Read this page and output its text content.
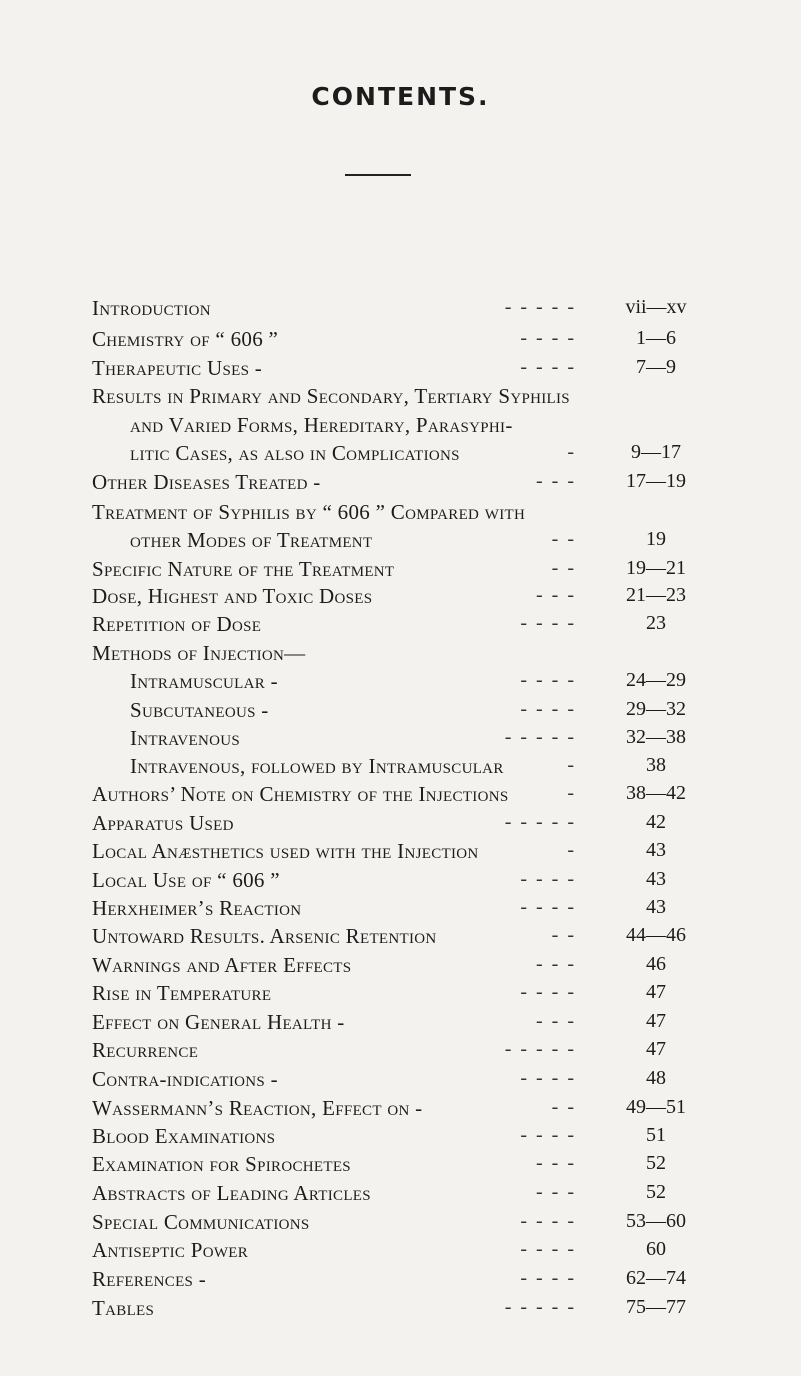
CONTENTS.
Introduction	- - - - -	vii—xv
Chemistry of “ 606 ”	- - - -	1—6
Therapeutic Uses -	- - - -	7—9
Results in Primary and Secondary, Tertiary Syphilis
and Varied Forms, Hereditary, Parasyphi-
litic Cases, as also in Complications	-	9—17
Other Diseases Treated -	- - -	17—19
Treatment of Syphilis by “ 606 ” Compared with
other Modes of Treatment	- -	19
Specific Nature of the Treatment	- -	19—21
Dose, Highest and Toxic Doses	- - -	21—23
Repetition of Dose	- - - -	23
Methods of Injection—
Intramuscular -	- - - -	24—29
Subcutaneous -	- - - -	29—32
Intravenous	- - - - -	32—38
Intravenous, followed by Intramuscular	-	38
Authors’ Note on Chemistry of the Injections	-	38—42
Apparatus Used	- - - - -	42
Local Anæsthetics used with the Injection	-	43
Local Use of “ 606 ”	- - - -	43
Herxheimer’s Reaction	- - - -	43
Untoward Results. Arsenic Retention	- -	44—46
Warnings and After Effects	- - -	46
Rise in Temperature	- - - -	47
Effect on General Health -	- - -	47
Recurrence	- - - - -	47
Contra-indications -	- - - -	48
Wassermann’s Reaction, Effect on -	- -	49—51
Blood Examinations	- - - -	51
Examination for Spirochetes	- - -	52
Abstracts of Leading Articles	- - -	52
Special Communications	- - - -	53—60
Antiseptic Power	- - - -	60
References -	- - - -	62—74
Tables	- - - - -	75—77
